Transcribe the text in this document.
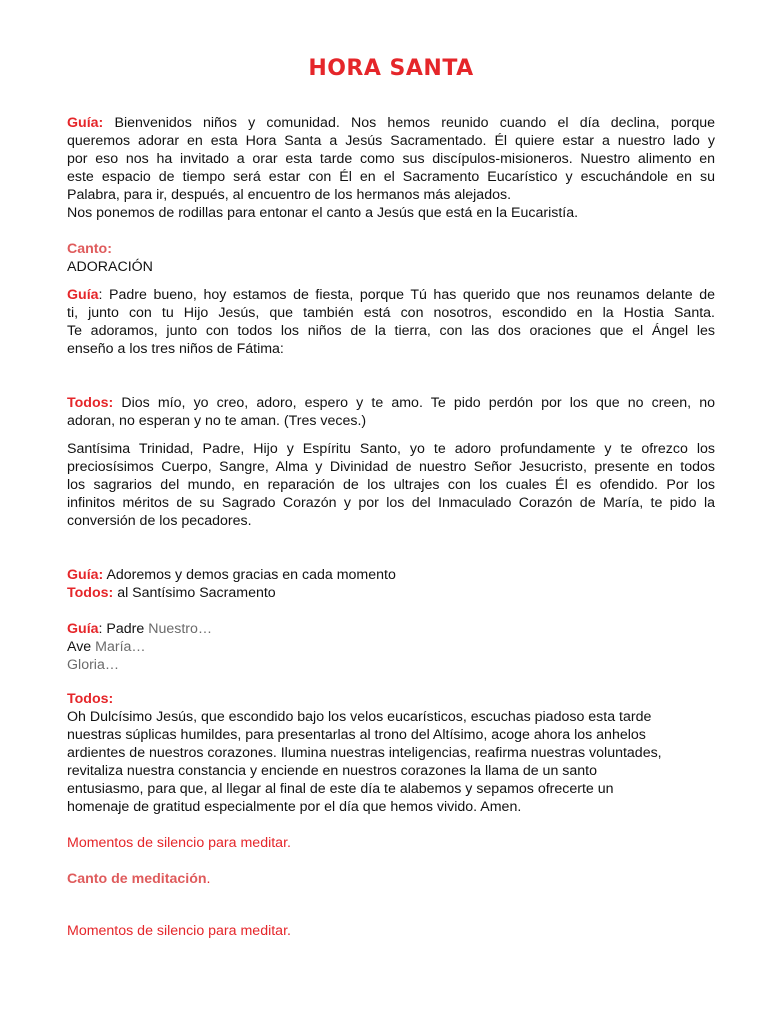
HORA SANTA
Guía: Bienvenidos niños y comunidad. Nos hemos reunido cuando el día declina, porque
queremos adorar en esta Hora Santa a Jesús Sacramentado. Él quiere estar a nuestro lado y
por eso nos ha invitado a orar esta tarde como sus discípulos-misioneros. Nuestro alimento en
este espacio de tiempo será estar con Él en el Sacramento Eucarístico y escuchándole en su
Palabra, para ir, después, al encuentro de los hermanos más alejados.
Nos ponemos de rodillas para entonar el canto a Jesús que está en la Eucaristía.
Canto:
ADORACIÓN
Guía: Padre bueno, hoy estamos de fiesta, porque Tú has querido que nos reunamos delante de
ti, junto con tu Hijo Jesús, que también está con nosotros, escondido en la Hostia Santa.
Te adoramos, junto con todos los niños de la tierra, con las dos oraciones que el Ángel les
enseño a los tres niños de Fátima:
Todos: Dios mío, yo creo, adoro, espero y te amo. Te pido perdón por los que no creen, no
adoran, no esperan y no te aman. (Tres veces.)
Santísima Trinidad, Padre, Hijo y Espíritu Santo, yo te adoro profundamente y te ofrezco los
preciosísimos Cuerpo, Sangre, Alma y Divinidad de nuestro Señor Jesucristo, presente en todos
los sagrarios del mundo, en reparación de los ultrajes con los cuales Él es ofendido. Por los
infinitos méritos de su Sagrado Corazón y por los del Inmaculado Corazón de María, te pido la
conversión de los pecadores.
Guía: Adoremos y demos gracias en cada momento
Todos: al Santísimo Sacramento
Guía: Padre Nuestro…
Ave María…
Gloria…
Todos:
Oh Dulcísimo Jesús, que escondido bajo los velos eucarísticos, escuchas piadoso esta tarde
nuestras súplicas humildes, para presentarlas al trono del Altísimo, acoge ahora los anhelos
ardientes de nuestros corazones. Ilumina nuestras inteligencias, reafirma nuestras voluntades,
revitaliza nuestra constancia y enciende en nuestros corazones la llama de un santo
entusiasmo, para que, al llegar al final de este día te alabemos y sepamos ofrecerte un
homenaje de gratitud especialmente por el día que hemos vivido. Amen.
Momentos de silencio para meditar.
Canto de meditación.
Momentos de silencio para meditar.
